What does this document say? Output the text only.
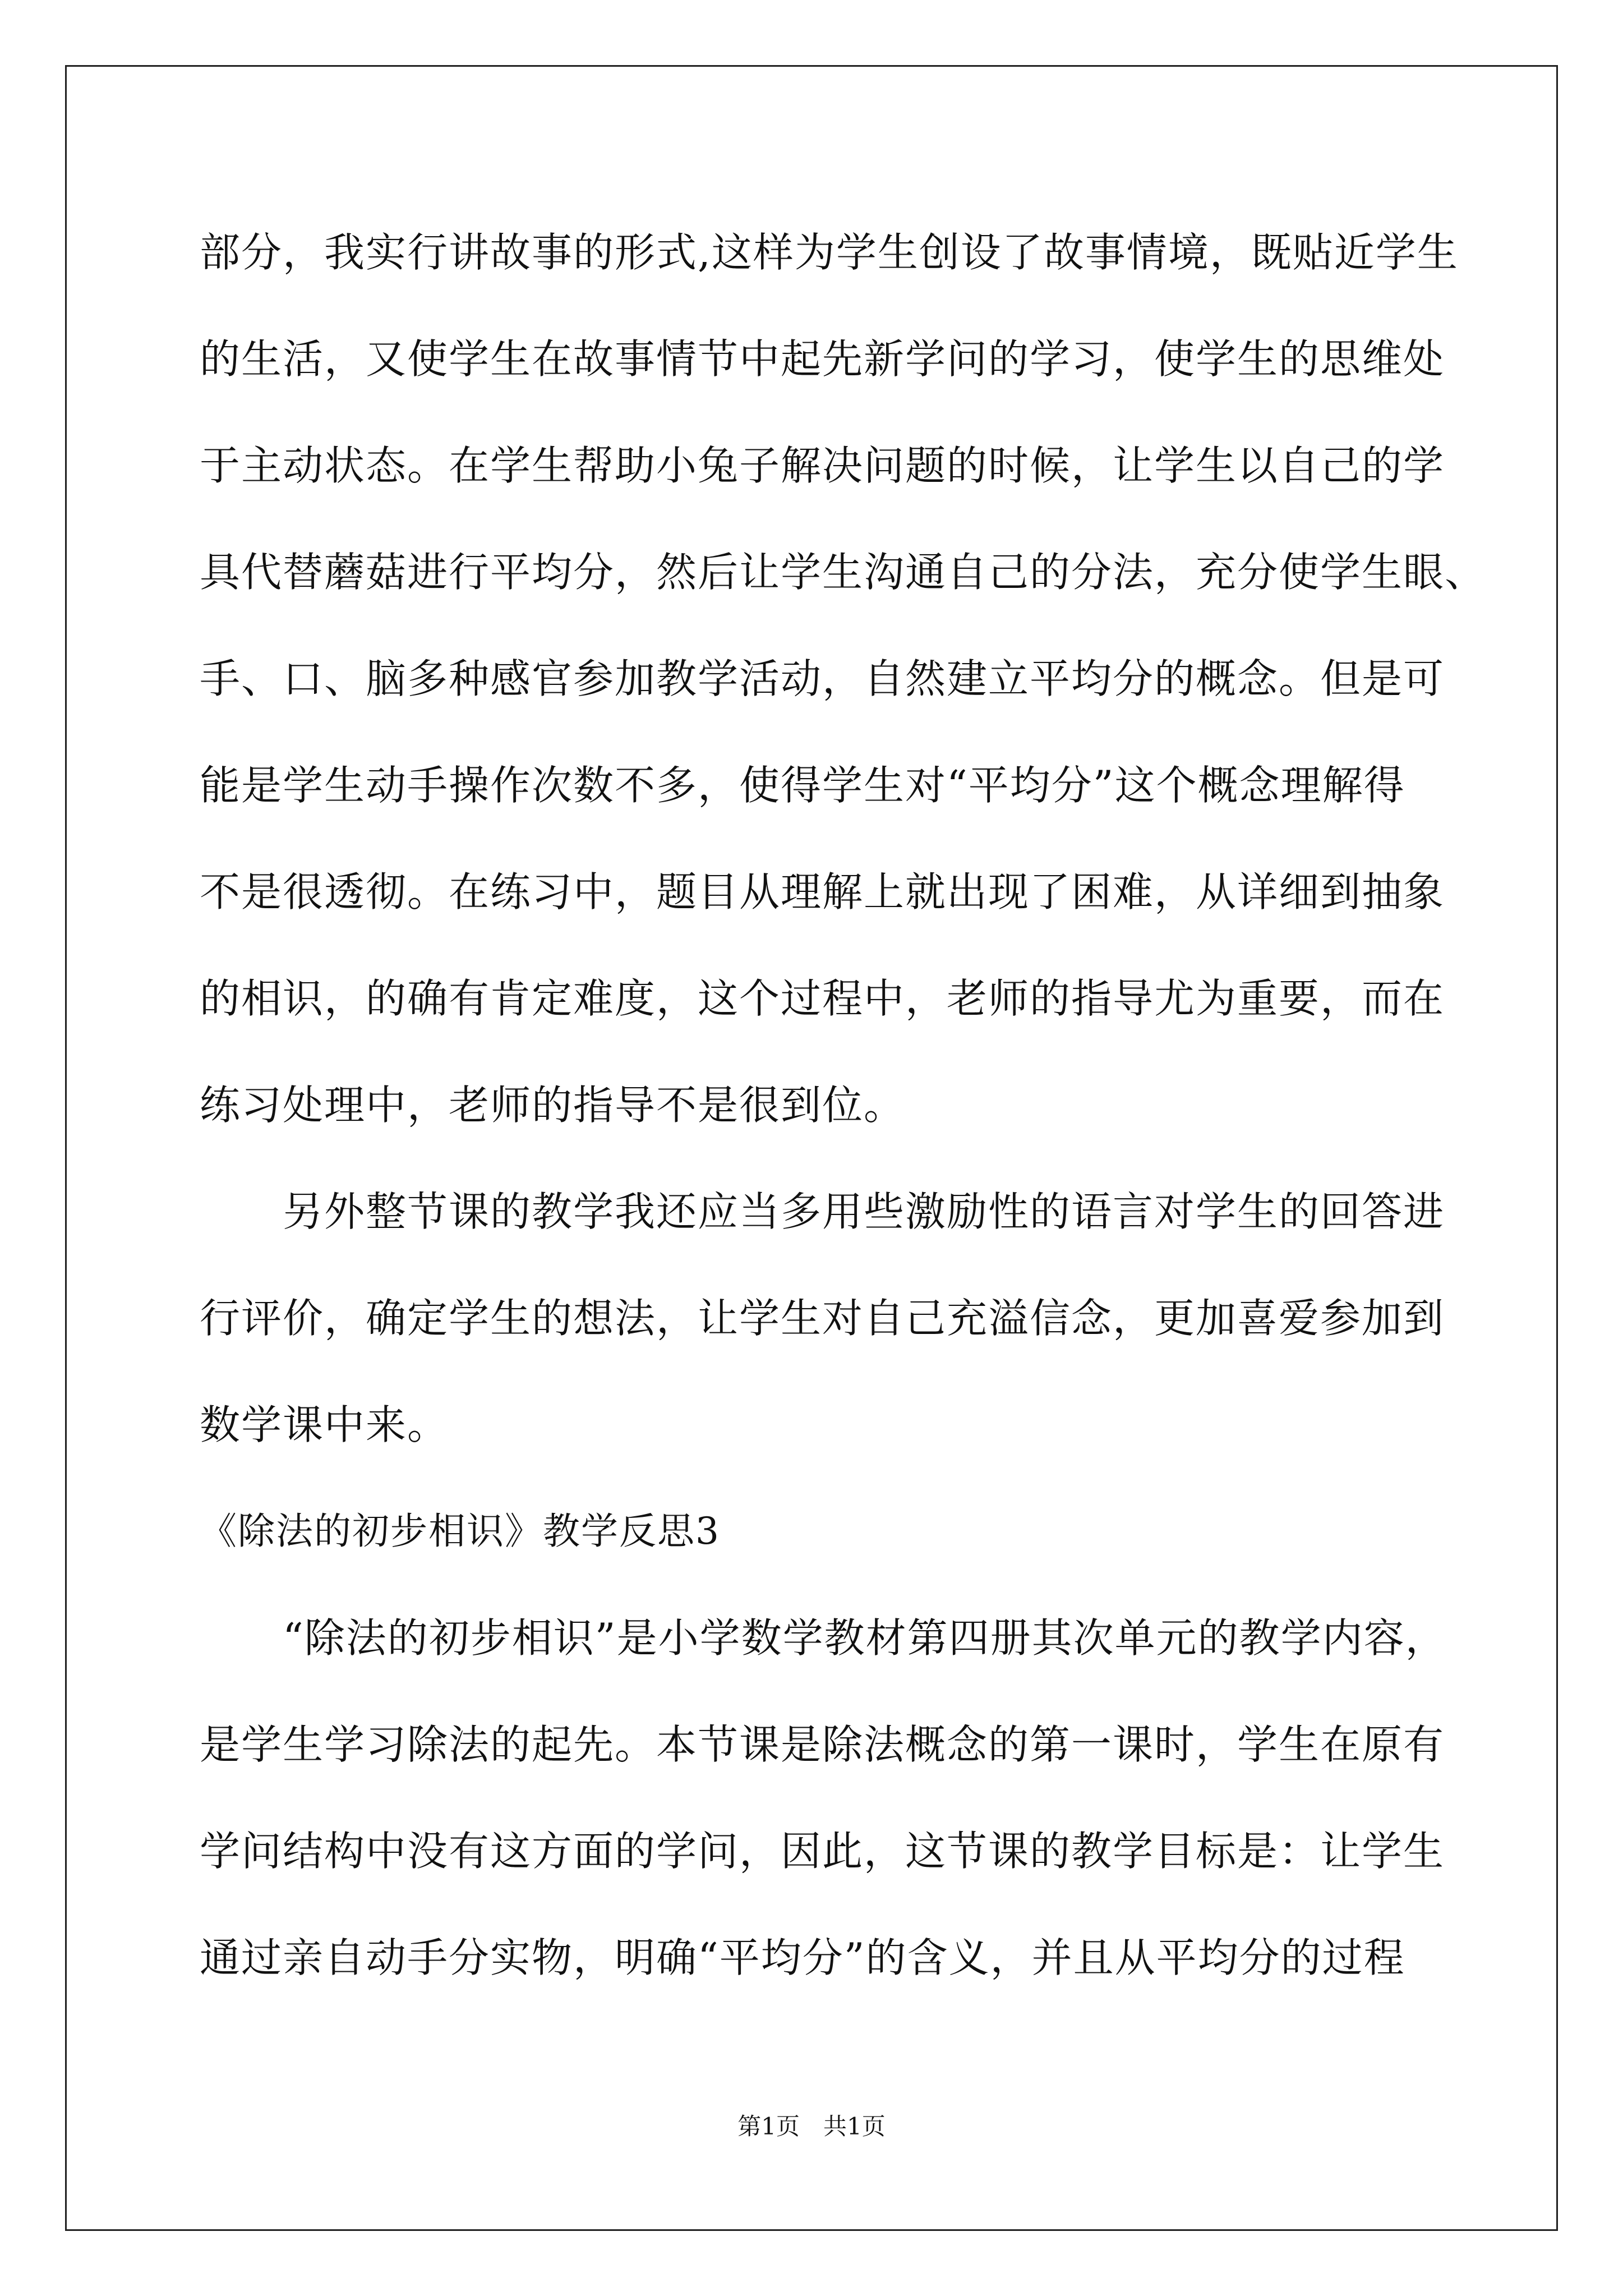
部分，我实行讲故事的形式,这样为学生创设了故事情境，既贴近学生
的生活，又使学生在故事情节中起先新学问的学习，使学生的思维处
于主动状态。在学生帮助小兔子解决问题的时候，让学生以自己的学
具代替蘑菇进行平均分，然后让学生沟通自己的分法，充分使学生眼、
手、口、脑多种感官参加教学活动，自然建立平均分的概念。但是可
能是学生动手操作次数不多，使得学生对“平均分”这个概念理解得
不是很透彻。在练习中，题目从理解上就出现了困难，从详细到抽象
的相识，的确有肯定难度，这个过程中，老师的指导尤为重要，而在
练习处理中，老师的指导不是很到位。
　　另外整节课的教学我还应当多用些激励性的语言对学生的回答进
行评价，确定学生的想法，让学生对自己充溢信念，更加喜爱参加到
数学课中来。
《除法的初步相识》教学反思3
　　“除法的初步相识”是小学数学教材第四册其次单元的教学内容，
是学生学习除法的起先。本节课是除法概念的第一课时，学生在原有
学问结构中没有这方面的学问，因此，这节课的教学目标是：让学生
通过亲自动手分实物，明确“平均分”的含义，并且从平均分的过程
第1页　共1页
